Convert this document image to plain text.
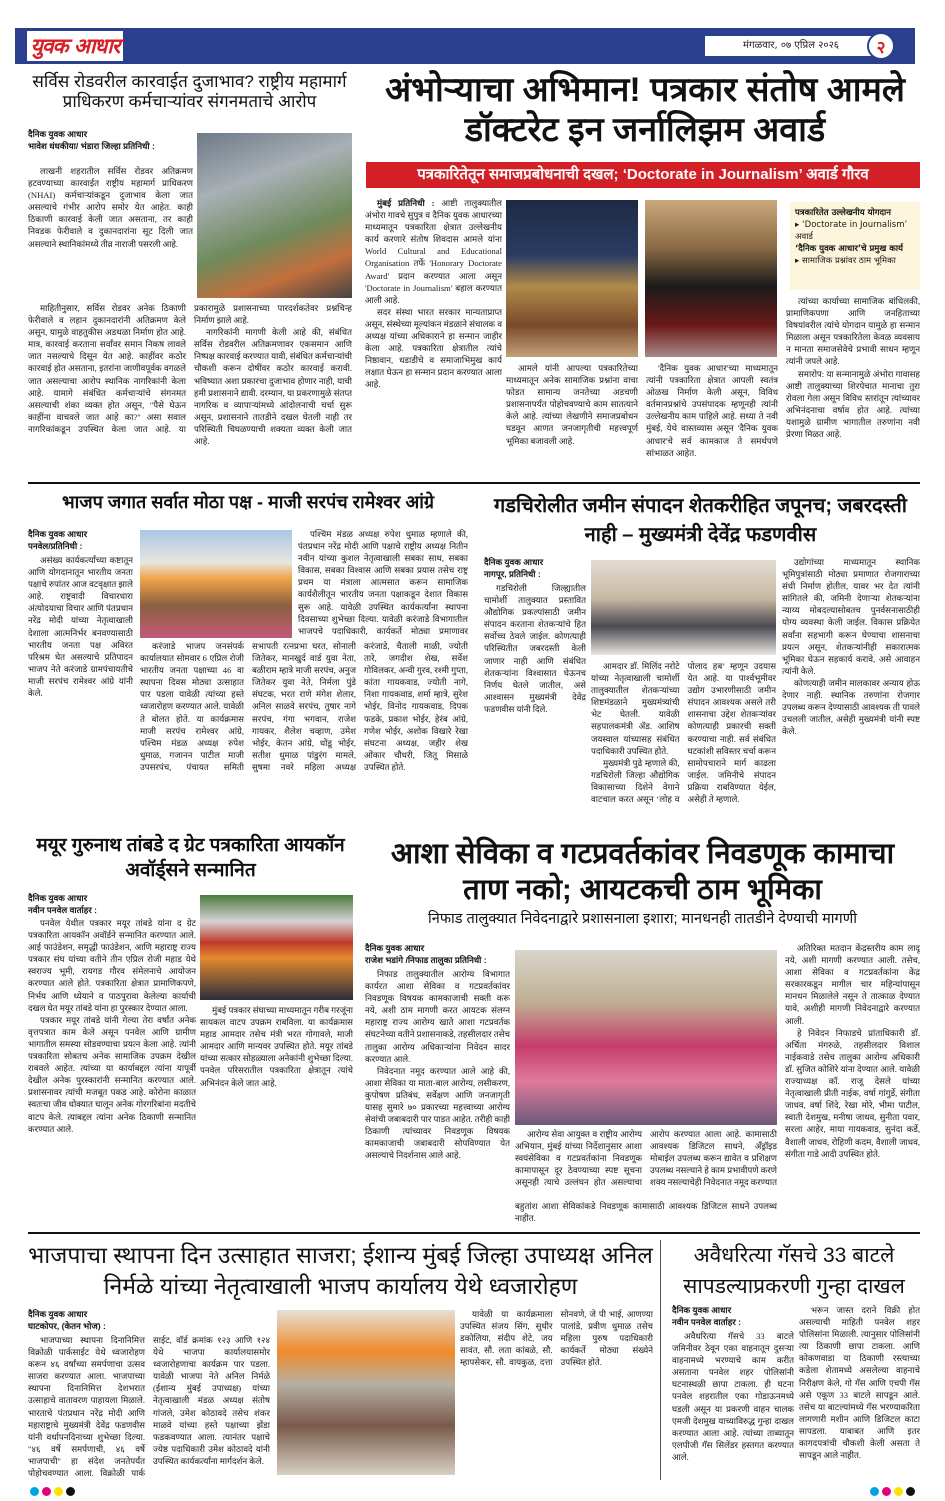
युवक आधार	मंगळवार, ०७ एप्रिल २०२६	२
सर्विस रोडवरील कारवाईत दुजाभाव? राष्ट्रीय महामार्ग प्राधिकरण कर्मचाऱ्यांवर संगनमताचे आरोप
दैनिक युवक आधार
भावेश धंधकीया/ भंडारा जिल्हा प्रतिनिधी :

लाखनी शहरातील सर्विस रोडवर अतिक्रमण हटवण्याच्या कारवाईत राष्ट्रीय महामार्ग प्राधिकरण (NHAI) कर्मचाऱ्यांकडून दुजाभाव केला जात असल्याचे गंभीर आरोप समोर येत आहेत. काही ठिकाणी कारवाई केली जात असताना, तर काही निवडक फेरीवाले व दुकानदारांना सूट दिली जात असल्याने स्थानिकांमध्ये तीव्र नाराजी पसरली आहे.

माहितीनुसार, सर्विस रोडवर अनेक ठिकाणी फेरीवाले व लहान दुकानदारांनी अतिक्रमण केले असून, यामुळे वाहतुकीस अडथळा निर्माण होत आहे. मात्र, कारवाई करताना सर्वांवर समान निकष लावले जात नसल्याचे दिसून येत आहे. काहींवर कठोर कारवाई होत असताना, इतरांना जाणीवपूर्वक वगळले जात असल्याचा आरोप स्थानिक नागरिकांनी केला आहे. यामागे संबंधित कर्मचाऱ्यांचे संगनमत असल्याची शंका व्यक्त होत असून, "पैसे घेऊन काहींना वाचवले जात आहे का?" असा सवाल नागरिकांकडून उपस्थित केला जात आहे. या प्रकारामुळे प्रशासनाच्या पारदर्शकतेवर प्रश्नचिन्ह निर्माण झाले आहे.

नागरिकांनी मागणी केली आहे की, संबंधित सर्विस रोडवरील अतिक्रमणावर एकसमान आणि निष्पक्ष कारवाई करण्यात यावी, संबंधित कर्मचाऱ्यांची चौकशी करून दोषींवर कठोर कारवाई करावी. भविष्यात अशा प्रकारचा दुजाभाव होणार नाही, याची हमी प्रशासनाने द्यावी. दरम्यान, या प्रकरणामुळे संतप्त नागरिक व व्यापाऱ्यांमध्ये आंदोलनाची चर्चा सुरू असून, प्रशासनाने तातडीने दखल घेतली नाही तर परिस्थिती चिघळण्याची शक्यता व्यक्त केली जात आहे.

अंभोऱ्याचा अभिमान! पत्रकार संतोष आमले डॉक्टरेट इन जर्नालिझम अवार्ड
पत्रकारितेतून समाजप्रबोधनाची दखल; ‘Doctorate in Journalism’ अवार्ड गौरव

मुंबई प्रतिनिधी : आष्टी तालुक्यातील अंभोरा गावचे सुपुत्र व दैनिक युवक आधारच्या माध्यमातून पत्रकारिता क्षेत्रात उल्लेखनीय कार्य करणारे संतोष शिवदास आमले यांना World Cultural and Educational Organisation तर्फे 'Honorary Doctorate Award' प्रदान करण्यात आला असून 'Doctorate in Journalism' बहाल करण्यात आली आहे.

सदर संस्था भारत सरकार मान्यताप्राप्त असून, संस्थेच्या मूल्यांकन मंडळाने संचालक व अध्यक्ष यांच्या अधिकाराने हा सन्मान जाहीर केला आहे. पत्रकारिता क्षेत्रातील त्यांचे निष्ठावान, धडाडीचे व समाजाभिमुख कार्य लक्षात घेऊन हा सन्मान प्रदान करण्यात आला आहे.

आमले यांनी आपल्या पत्रकारितेच्या माध्यमातून अनेक सामाजिक प्रश्नांना वाचा फोडत सामान्य जनतेच्या अडचणी प्रशासनापर्यंत पोहोचवण्याचे काम सातत्याने केले आहे. त्यांच्या लेखणीने समाजप्रबोधन घडवून आणत जनजागृतीची महत्त्वपूर्ण भूमिका बजावली आहे.

'दैनिक युवक आधार'च्या माध्यमातून त्यांनी पत्रकारिता क्षेत्रात आपली स्वतंत्र ओळख निर्माण केली असून, विविध वर्तमानप्रश्नांचे उपसंपादक म्हणूनही त्यांनी उल्लेखनीय काम पाहिले आहे. सध्या ते नवी मुंबई, येथे वास्तव्यास असून 'दैनिक युवक आधार'चे सर्व कामकाज ते समर्थपणे सांभाळत आहेत.

पत्रकारितेत उल्लेखनीय योगदान
▸ ‘Doctorate in Journalism’ अवार्ड
‘दैनिक युवक आधार’चे प्रमुख कार्य
▸ सामाजिक प्रश्नांवर ठाम भूमिका

त्यांच्या कार्याच्या सामाजिक बांधिलकी, प्रामाणिकपणा आणि जनहिताच्या विषयांवरील त्यांचे योगदान यामुळे हा सन्मान मिळाला असून पत्रकारितेला केवळ व्यवसाय न मानता समाजसेवेचे प्रभावी साधन म्हणून त्यांनी जपले आहे.

समारोप: या सन्मानामुळे अंभोरा गावासह आष्टी तालुक्याच्या शिरपेचात मानाचा तुरा रोवला गेला असून विविध स्तरांतून त्यांच्यावर अभिनंदनाचा वर्षाव होत आहे. त्यांच्या यशामुळे ग्रामीण भागातील तरुणांना नवी प्रेरणा मिळत आहे.

भाजप जगात सर्वात मोठा पक्ष - माजी सरपंच रामेश्वर आंग्रे
दैनिक युवक आधार
पनवेल/प्रतिनिधी :

असंख्य कार्यकर्त्यांच्या कष्टातून आणि योगदानातून भारतीय जनता पक्षाचे रुपांतर आज वटवृक्षात झाले आहे. राष्ट्रवादी विचारधारा अंत्योदयाचा विचार आणि पंतप्रधान नरेंद्र मोदी यांच्या नेतृत्वाखाली देशाला आत्मनिर्भर बनवण्यासाठी भारतीय जनता पक्ष अविरत परिश्रम घेत असल्याचे प्रतिपादन भाजप नेते करंजाडे ग्रामपंचायतीचे माजी सरपंच रामेश्वर आंग्रे यांनी केले.

करंजाडे भाजप जनसंपर्क कार्यालयात सोमवार 6 एप्रिल रोजी भारतीय जनता पक्षाच्या 46 वा स्थापना दिवस मोठ्या उत्साहात पार पडला यावेळी त्यांच्या हस्ते ध्वजारोहण करण्यात आले. यावेळी ते बोलत होते. या कार्यक्रमास माजी सरपंच रामेश्वर आंग्रे, पश्चिम मंडळ अध्यक्ष रुपेश धुमाळ, गजानन पाटील माजी उपसरपंच, पंचायत समिती सभापती रत्नप्रभा घरत, सोनाली जितेकर, मानखुर्द वार्ड युवा नेता, बळीराम म्हात्रे माजी सरपंच, अनुज जितेकर युवा नेते, निर्मला पुंडे संघटक, भरत राणे मंगेश शेलार, अनिल साळवे सरपंच, तुषार नागे सरपंच, गंगा भगवान, राजेश गायकर, शैलेश चव्हाण, उमेश भोईर, केतन आंग्रे, धोंडू भोईर, सतीश धुमाळ पांडुरंग मामले, सुषमा नवरे महिला अध्यक्ष करंजाडे, चैताली माळी, ज्योती तारे, जगदीश शेख, सर्वेश गोविलकर, अन्वी गुरव, रश्मी गुप्ता, कांता गायकवाड, ज्योती नागे, निशा गायकवाड, शर्मा म्हात्रे, सुरेश भोईर, विनोद गायकवाड, दिपक फडके, प्रकाश भोईर, हेरंब आंग्रे, गणेश भोईर, अशोक विखारे रेखा संघटना अध्यक्ष, जहीर शेख ओंकार चौधरी, जितू मिसाळे उपस्थित होते.

पश्चिम मंडळ अध्यक्ष रुपेश धुमाळ म्हणाले की, पंतप्रधान नरेंद्र मोदी आणि पक्षाचे राष्ट्रीय अध्यक्ष नितीन नवीन यांच्या कुशल नेतृत्वाखाली सबका साथ, सबका विकास, सबका विश्वास आणि सबका प्रयास तसेच राष्ट्र प्रथम या मंत्राला आत्मसात करून सामाजिक कार्यशैलीतून भारतीय जनता पक्षाकडून देशात विकास सुरू आहे. यावेळी उपस्थित कार्यकर्त्यांना स्थापना दिवसाच्या शुभेच्छा दिल्या. यावेळी करंजाडे विभागातील भाजपचे पदाधिकारी, कार्यकर्ते मोठ्या प्रमाणावर

गडचिरोलीत जमीन संपादन शेतकरीहित जपूनच; जबरदस्ती नाही – मुख्यमंत्री देवेंद्र फडणवीस
दैनिक युवक आधार
नागपूर, प्रतिनिधी :

गडचिरोली जिल्ह्यातील चामोर्शी तालुक्यात प्रस्तावित औद्योगिक प्रकल्पांसाठी जमीन संपादन करताना शेतकऱ्यांचे हित सर्वोच्च ठेवले जाईल. कोणत्याही परिस्थितीत जबरदस्ती केली जाणार नाही आणि संबंधित शेतकऱ्यांना विश्वासात घेऊनच निर्णय घेतले जातील, असे आश्वासन मुख्यमंत्री देवेंद्र फडणवीस यांनी दिले.

आमदार डॉ. मिलिंद नरोटे यांच्या नेतृत्वाखाली चामोर्शी तालुक्यातील शेतकऱ्यांच्या शिष्टमंडळाने मुख्यमंत्र्यांची भेट घेतली. यावेळी सहपालकमंत्री ॲड. आशिष जयस्वाल यांच्यासह संबंधित पदाधिकारी उपस्थित होते.

मुख्यमंत्री पुढे म्हणाले की, गडचिरोली जिल्हा औद्योगिक विकासाच्या दिशेने वेगाने वाटचाल करत असून ‘लोह व पोलाद हब’ म्हणून उदयास येत आहे. या पार्श्वभूमीवर उद्योग उभारणीसाठी जमीन संपादन आवश्यक असले तरी शासनाचा उद्देश शेतकऱ्यांवर कोणत्याही प्रकारची सक्ती करण्याचा नाही. सर्व संबंधित घटकांशी सविस्तर चर्चा करून सामोपचाराने मार्ग काढला जाईल. जमिनीचे संपादन प्रक्रिया राबविण्यात येईल, असेही ते म्हणाले.

उद्योगांच्या माध्यमातून स्थानिक भूमिपुत्रांसाठी मोठ्या प्रमाणात रोजगाराच्या संधी निर्माण होतील, यावर भर देत त्यांनी सांगितले की, जमिनी देणाऱ्या शेतकऱ्यांना न्याय्य मोबदल्यासोबतच पुनर्वसनासाठीही योग्य व्यवस्था केली जाईल. विकास प्रक्रियेत सर्वांना सहभागी करून घेण्याचा शासनाचा प्रयत्न असून, शेतकऱ्यांनीही सकारात्मक भूमिका घेऊन सहकार्य करावे, असे आवाहन त्यांनी केले.

कोणत्याही जमीन मालकावर अन्याय होऊ देणार नाही. स्थानिक तरुणांना रोजगार उपलब्ध करून देण्यासाठी आवश्यक ती पावले उचलली जातील, असेही मुख्यमंत्री यांनी स्पष्ट केले.

मयूर गुरुनाथ तांबडे द ग्रेट पत्रकारिता आयकॉन अवॉर्ड्सने सन्मानित
दैनिक युवक आधार
नवीन पनवेल वार्ताहर :

पनवेल येथील पत्रकार मयूर तांबडे यांना द ग्रेट पत्रकारिता आयकॉन अवॉर्डने सन्मानित करण्यात आले. आई फाउंडेशन, समृद्धी फाउंडेशन, आणि महाराष्ट्र राज्य पत्रकार संघ यांच्या वतीने तीन एप्रिल रोजी महाड येथे स्वराज्य भूमी, रायगड गौरव संमेलनाचे आयोजन करण्यात आले होते. पत्रकारिता क्षेत्रात प्रामाणिकपणे, निर्भय आणि ध्येयाने व पाठपुरावा केलेल्या कार्याची दखल घेत मयूर तांबडे यांना हा पुरस्कार देण्यात आला.

पत्रकार मयूर तांबडे यांनी गेल्या तेरा वर्षांत अनेक वृत्तपत्रात काम केले असून पनवेल आणि ग्रामीण भागातील समस्या सोडवण्याचा प्रयत्न केला आहे. त्यांनी पत्रकारिता सोबतच अनेक सामाजिक उपक्रम देखील राबवले आहेत. त्यांच्या या कार्याबद्दल त्यांना यापूर्वी देखील अनेक पुरस्कारांनी सन्मानित करण्यात आले. प्रशासनावर त्यांची मजबूत पकड आहे. कोरोना काळात स्वतःचा जीव धोक्यात घालून अनेक गोरगरिबांना मदतीचे वाटप केले. त्याबद्दल त्यांना अनेक ठिकाणी सन्मानित करण्यात आले.

मुंबई पत्रकार संघाच्या माध्यमातून गरीब गरजूंना सायकल वाटप उपक्रम राबविला. या कार्यक्रमास महाड आमदार तसेच मंत्री भरत गोगावले, माजी आमदार आणि मान्यवर उपस्थित होते. मयूर तांबडे यांच्या सत्कार सोहळ्याला अनेकांनी शुभेच्छा दिल्या. पनवेल परिसरातील पत्रकारिता क्षेत्रातून त्यांचे अभिनंदन केले जात आहे.

आशा सेविका व गटप्रवर्तकांवर निवडणूक कामाचा ताण नको; आयटकची ठाम भूमिका
निफाड तालुक्यात निवेदनाद्वारे प्रशासनाला इशारा; मानधनही तातडीने देण्याची मागणी
दैनिक युवक आधार
राजेश भडांगे /निफाड तालुका प्रतिनिधी :

निफाड तालुक्यातील आरोग्य विभागात कार्यरत आशा सेविका व गटप्रवर्तकांवर निवडणूक विषयक कामकाजाची सक्ती करू नये, अशी ठाम मागणी करत आयटक संलग्न महाराष्ट्र राज्य आरोग्य खाते आशा गटप्रवर्तक संघटनेच्या वतीने प्रशासनाकडे, तहसीलदार तसेच तालुका आरोग्य अधिकाऱ्यांना निवेदन सादर करण्यात आले.

निवेदनात नमूद करण्यात आले आहे की, आशा सेविका या माता-बाल आरोग्य, लसीकरण, कुपोषण प्रतिबंध, सर्वेक्षण आणि जनजागृती यासह सुमारे ७० प्रकारच्या महत्त्वाच्या आरोग्य सेवांची जबाबदारी पार पाडत आहेत. तरीही काही ठिकाणी त्यांच्यावर निवडणूक विषयक कामकाजाची जबाबदारी सोपविण्यात येत असल्याचे निदर्शनास आले आहे.

आरोग्य सेवा आयुक्त व राष्ट्रीय आरोग्य अभियान, मुंबई यांच्या निर्देशानुसार आशा स्वयंसेविका व गटप्रवर्तकांना निवडणूक कामापासून दूर ठेवण्याच्या स्पष्ट सूचना असूनही त्याचे उल्लंघन होत असल्याचा आरोप करण्यात आला आहे. कामासाठी आवश्यक डिजिटल साधने, अँड्रॉइड मोबाईल उपलब्ध करून द्यावेत व प्रशिक्षण उपलब्ध नसल्याने हे काम प्रभावीपणे करणे शक्य नसल्याचेही निवेदनात नमूद करण्यात

बहुतांश आशा सेविकांकडे निवडणूक कामासाठी आवश्यक डिजिटल साधने उपलब्ध नाहीत.

अतिरिक्त मतदान केंद्रस्तरीय काम लादू नये, अशी मागणी करण्यात आली. तसेच, आशा सेविका व गटप्रवर्तकांना केंद्र सरकारकडून मागील चार महिन्यांपासून मानधन मिळालेले नसून ते तात्काळ देण्यात यावे, अशीही मागणी निवेदनाद्वारे करण्यात आली.

हे निवेदन निफाडचे प्रांताधिकारी डॉ. अर्चिता मंगरुळे, तहसीलदार विशाल नाईकवाडे तसेच तालुका आरोग्य अधिकारी डॉ. सुजित कोशिरे यांना देण्यात आले. यावेळी राज्याध्यक्ष कॉ. राजू देसले यांच्या नेतृत्वाखाली प्रीती नाईक, वर्षा गांगुर्डे, संगीता जाधव, वर्षा शिंदे, रेखा मोरे, भीमा पाटील, स्वाती देशमुख, मनीषा जाधव, सुनीता पवार, सरला आहेर, माया गायकवाड, सुनंदा कर्डे, वैशाली जाधव, रोहिणी कदम, वैशाली जाधव, संगीता गाडे आदी उपस्थित होते.

भाजपाचा स्थापना दिन उत्साहात साजरा; ईशान्य मुंबई जिल्हा उपाध्यक्ष अनिल निर्मळे यांच्या नेतृत्वाखाली भाजप कार्यालय येथे ध्वजारोहण
दैनिक युवक आधार
घाटकोपर, (केतन भोज) :

भाजपाच्या स्थापना दिनानिमित्त विक्रोळी पार्कसाईट येथे ध्वजारोहण करून ४६ वर्षांच्या समर्पणाचा उत्सव साजरा करण्यात आला. भाजपाच्या स्थापना दिनानिमित्त देशभरात उत्साहाचे वातावरण पाहायला मिळाले. भारताचे पंतप्रधान नरेंद्र मोदी आणि महाराष्ट्राचे मुख्यमंत्री देवेंद्र फडणवीस यांनी वर्धापनदिनाच्या शुभेच्छा दिल्या. "४६ वर्षे समर्पणाची, ४६ वर्षे भाजपाची" हा संदेश जनतेपर्यंत पोहोचवण्यात आला. विक्रोळी पार्क साईट, वॉर्ड क्रमांक १२३ आणि १२४ येथे भाजपा कार्यालयासमोर ध्वजारोहणाचा कार्यक्रम पार पडला. यावेळी भाजपा नेते अनिल निर्मळे (ईशान्य मुंबई उपाध्यक्ष) यांच्या नेतृत्वाखाली मंडळ अध्यक्ष संतोष गांजले, उमेश कोठावदे तसेच शंकर माळवे यांच्या हस्ते पक्षाच्या झेंडा फडकवण्यात आला. त्यानंतर पक्षाचे ज्येष्ठ पदाधिकारी उमेश कोठावदे यांनी उपस्थित कार्यकर्त्यांना मार्गदर्शन केले.

यावेळी या कार्यक्रमाला उपस्थित संजय सिंग, सुधीर डकोलिया, संदीप शेटे, जय सावंत, सौ. लता कांबळे, सौ. म्हापसेकर, सौ. वायकुळ, दत्ता सोनवणे, जे पी भाई, आणण्या पालांडे, प्रवीण धुमाळ तसेच महिला पुरुष पदाधिकारी कार्यकर्ते मोठ्या संख्येने उपस्थित होते.

अवैधरित्या गॅसचे 33 बाटले सापडल्याप्रकरणी गुन्हा दाखल
दैनिक युवक आधार
नवीन पनवेल वार्ताहर :

अवैधरित्या गॅसचे 33 बाटले जमिनीवर ठेवून एका वाहनातून दुसऱ्या वाहनामध्ये भरण्याचे काम करीत असताना पनवेल शहर पोलिसांनी घटनास्थळी छापा टाकला. ही घटना पनवेल शहरातील एका गोडाऊनमध्ये घडली असून या प्रकरणी वाहन चालक एमजी देशमुख याच्याविरुद्ध गुन्हा दाखल करण्यात आला आहे. त्यांच्या ताब्यातून एलपीजी गॅस सिलेंडर हस्तगत करण्यात आले.

भरून जास्त दराने विक्री होत असल्याची माहिती पनवेल शहर पोलिसांना मिळाली. त्यानुसार पोलिसांनी त्या ठिकाणी छापा टाकला. आणि कोकणवाडा या ठिकाणी रस्त्याच्या कडेला शेतामध्ये असलेल्या वाहनाचे निरीक्षण केले, गो गॅस आणि एचपी गॅस असे एकूण 33 बाटले सापडून आले. तसेच या बाटल्यांमध्ये गॅस भरण्याकरिता लागणारी मशीन आणि डिजिटल काटा सापडला. याबाबत आणि इतर कागदपत्रांची चौकशी केली असता ते सापडून आले नाहीत.
